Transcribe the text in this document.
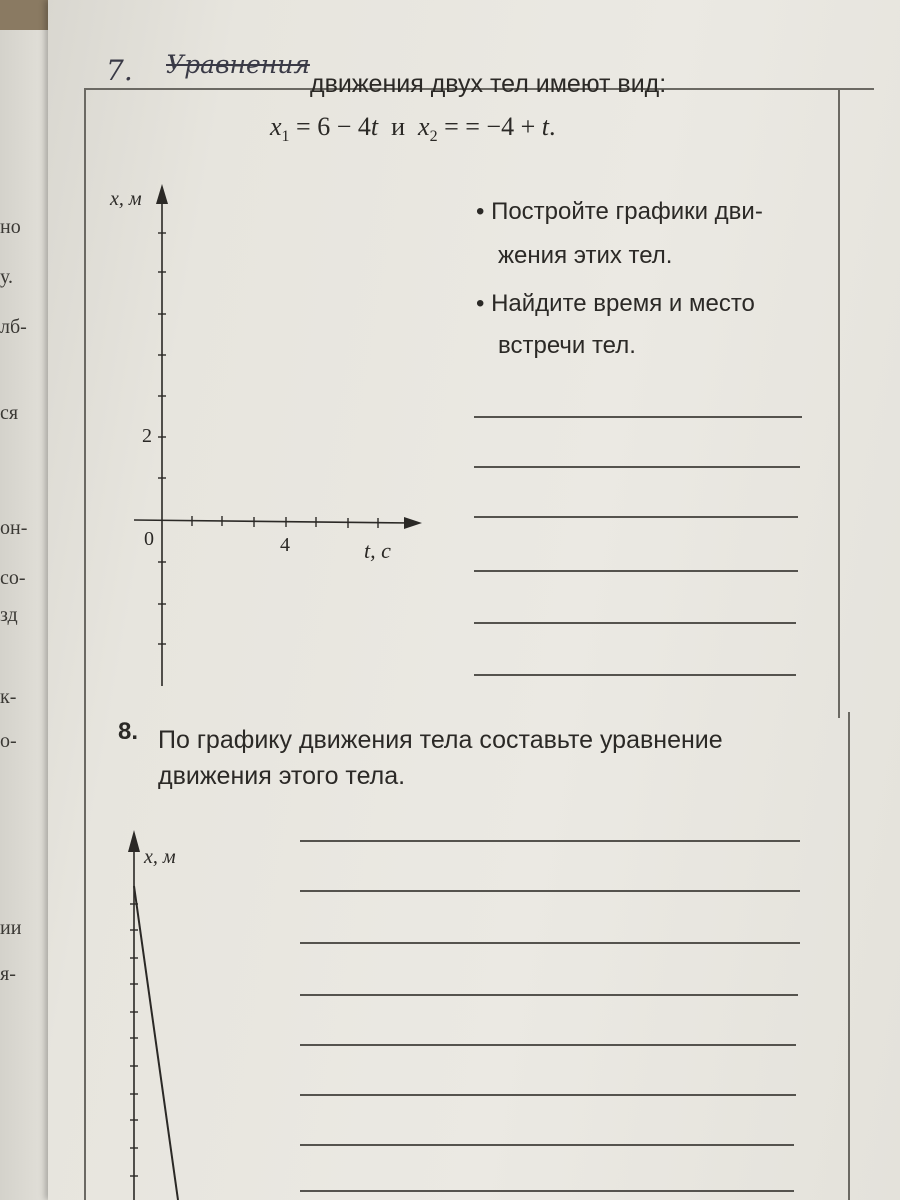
но
у.
лб-
ся
он-
со-
зд
к-
о-
ии
я-
7. Уравнения
движения двух тел имеют вид:
$x_1 = 6 - 4t$  и  $x_2$ = = −4 + t.
• Постройте графики дви-
жения этих тел.
• Найдите время и место
встречи тел.
x, м
t, с
0
2
4
8. По графику движения тела составьте уравнение
движения этого тела.
x, м
